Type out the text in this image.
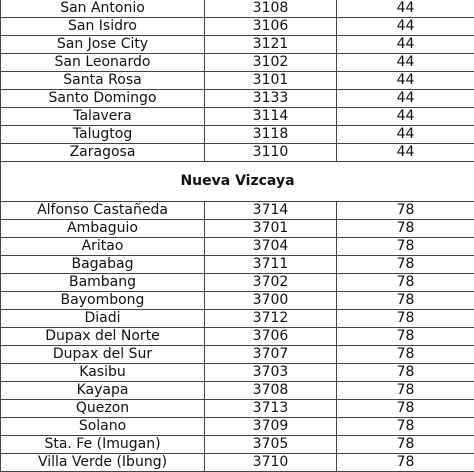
San Antonio	3108	44
San Isidro	3106	44
San Jose City	3121	44
San Leonardo	3102	44
Santa Rosa	3101	44
Santo Domingo	3133	44
Talavera	3114	44
Talugtog	3118	44
Zaragosa	3110	44
Nueva Vizcaya		
Alfonso Castañeda	3714	78
Ambaguio	3701	78
Aritao	3704	78
Bagabag	3711	78
Bambang	3702	78
Bayombong	3700	78
Diadi	3712	78
Dupax del Norte	3706	78
Dupax del Sur	3707	78
Kasibu	3703	78
Kayapa	3708	78
Quezon	3713	78
Solano	3709	78
Sta. Fe (Imugan)	3705	78
Villa Verde (Ibung)	3710	78
